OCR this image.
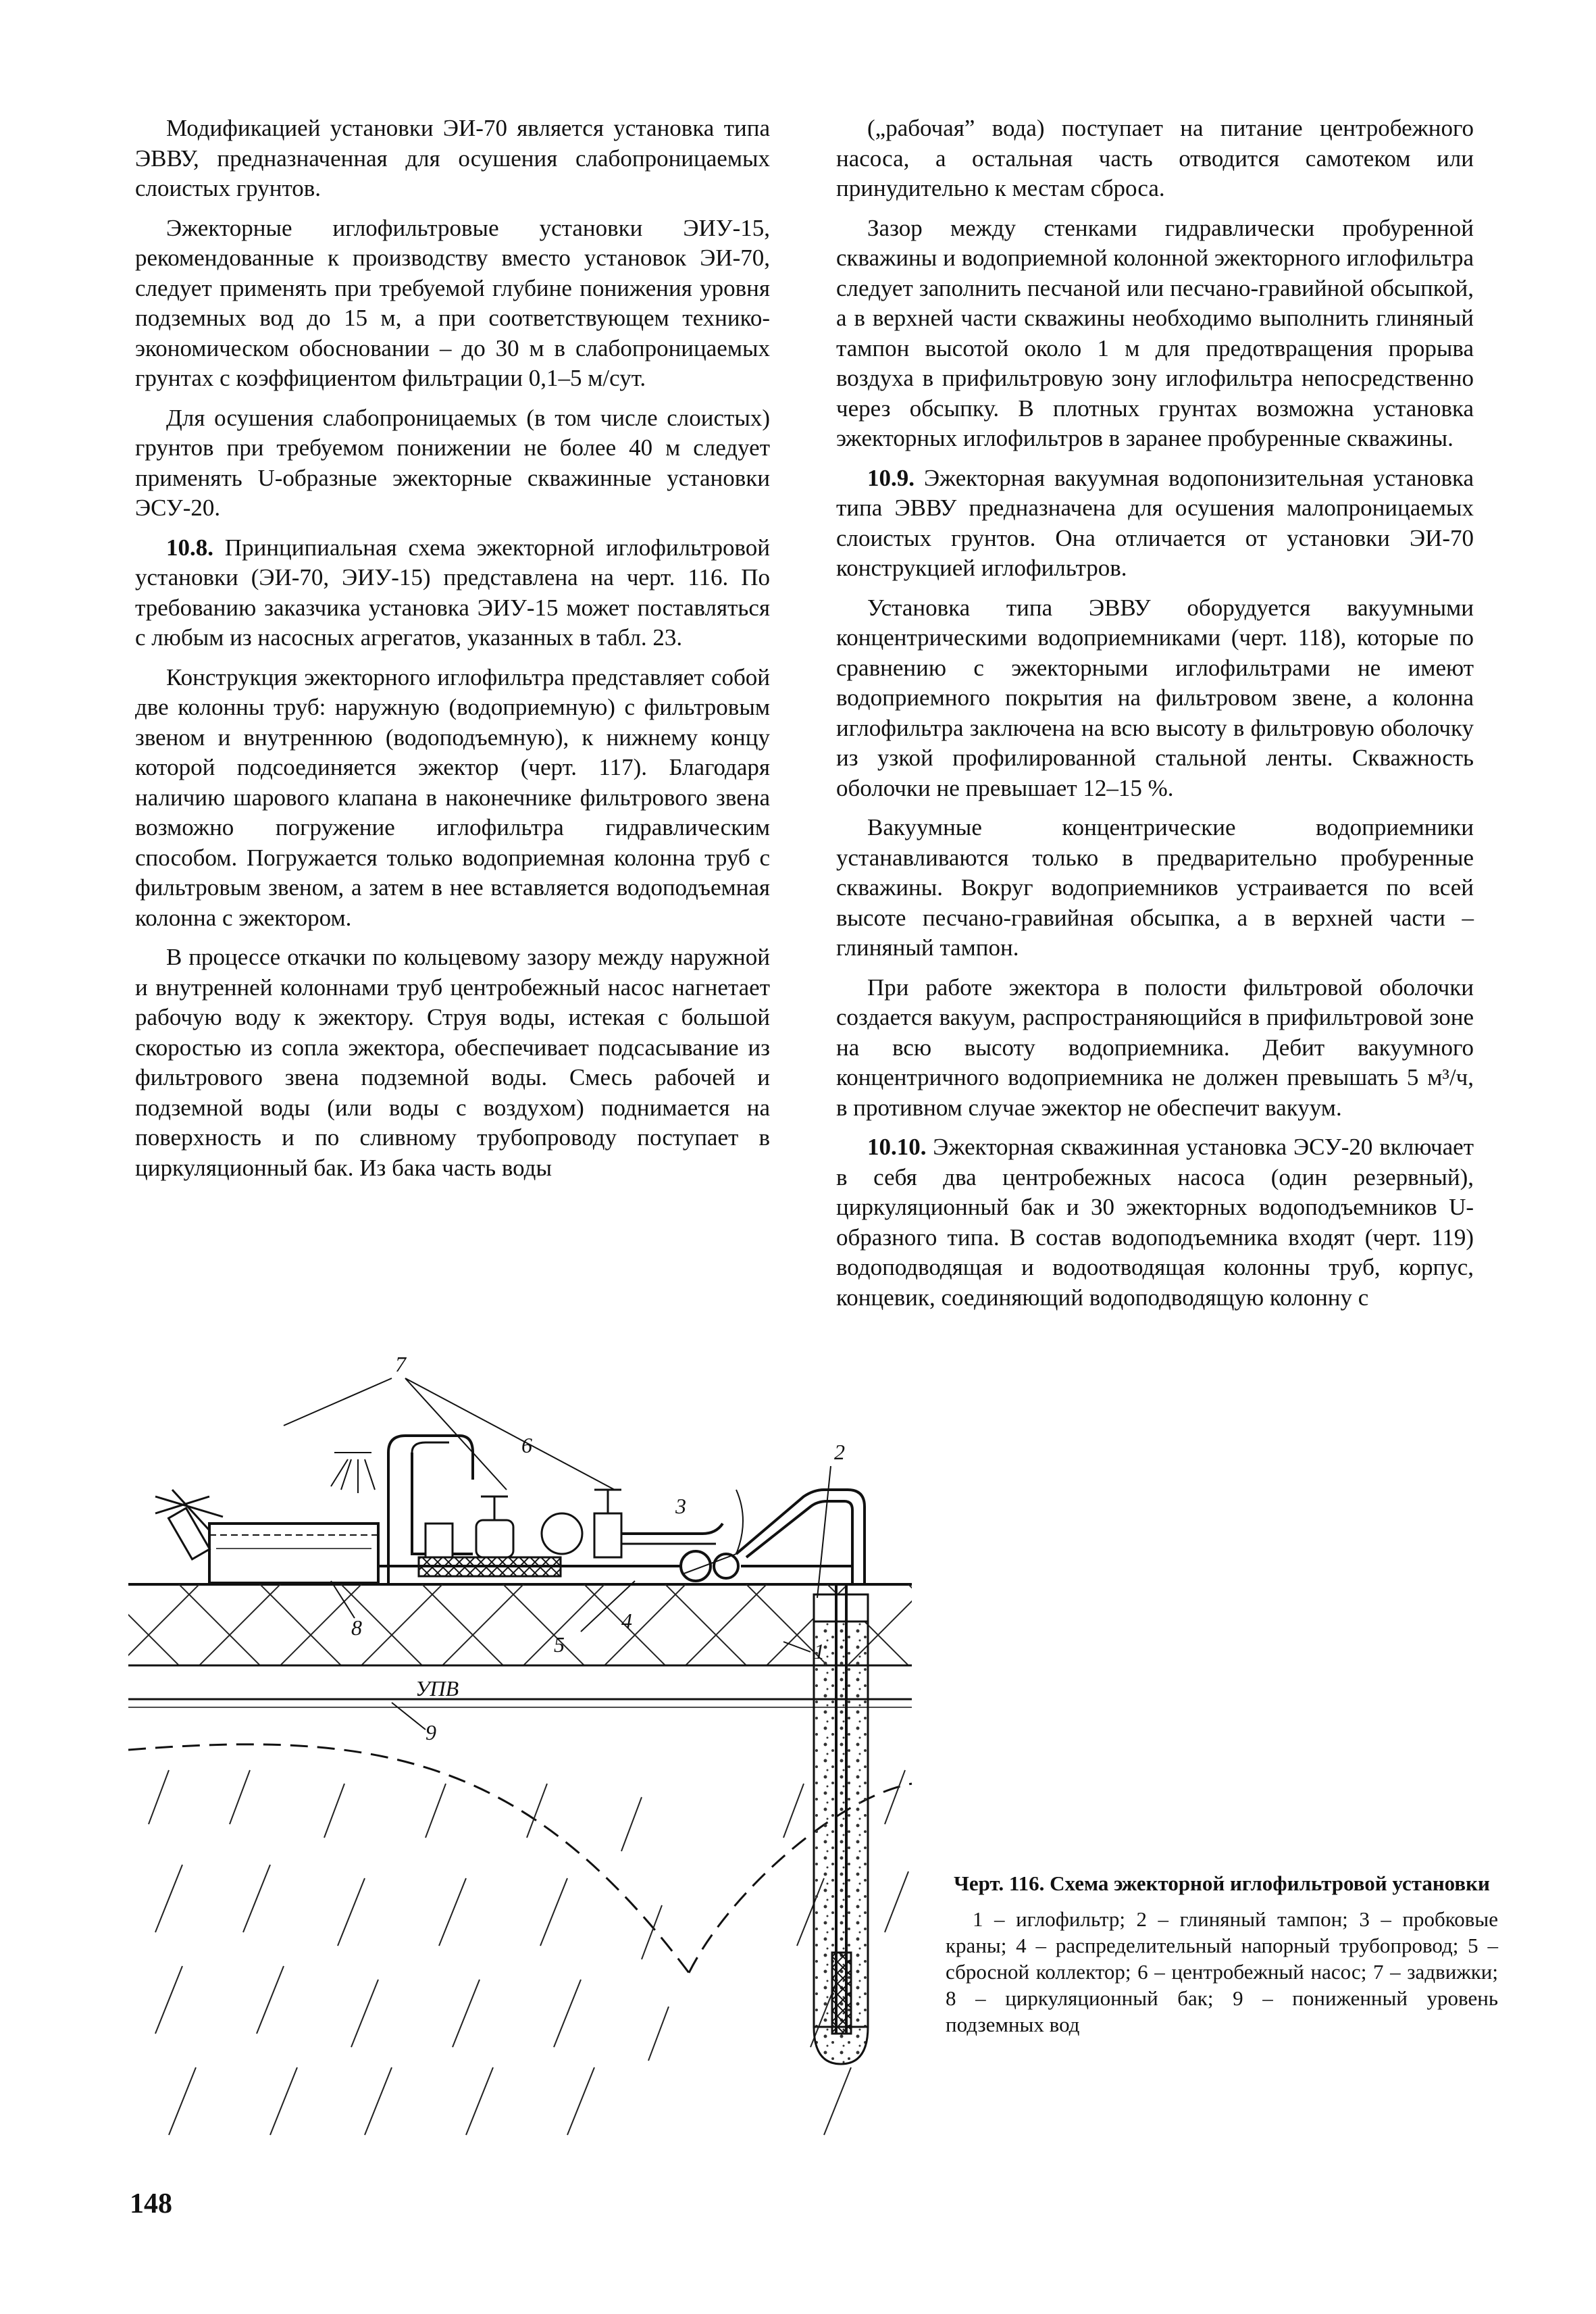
Модификацией установки ЭИ-70 является установка типа ЭВВУ, предназначенная для осушения слабопроницаемых слоистых грунтов.

Эжекторные иглофильтровые установки ЭИУ-15, рекомендованные к производству вместо установок ЭИ-70, следует применять при требуемой глубине понижения уровня подземных вод до 15 м, а при соответствующем технико-экономическом обосновании – до 30 м в слабопроницаемых грунтах с коэффициентом фильтрации 0,1–5 м/сут.

Для осушения слабопроницаемых (в том числе слоистых) грунтов при требуемом понижении не более 40 м следует применять U-образные эжекторные скважинные установки ЭСУ-20.

10.8. Принципиальная схема эжекторной иглофильтровой установки (ЭИ-70, ЭИУ-15) представлена на черт. 116. По требованию заказчика установка ЭИУ-15 может поставляться с любым из насосных агрегатов, указанных в табл. 23.

Конструкция эжекторного иглофильтра представляет собой две колонны труб: наружную (водоприемную) с фильтровым звеном и внутреннюю (водоподъемную), к нижнему концу которой подсоединяется эжектор (черт. 117). Благодаря наличию шарового клапана в наконечнике фильтрового звена возможно погружение иглофильтра гидравлическим способом. Погружается только водоприемная колонна труб с фильтровым звеном, а затем в нее вставляется водоподъемная колонна с эжектором.

В процессе откачки по кольцевому зазору между наружной и внутренней колоннами труб центробежный насос нагнетает рабочую воду к эжектору. Струя воды, истекая с большой скоростью из сопла эжектора, обеспечивает подсасывание из фильтрового звена подземной воды. Смесь рабочей и подземной воды (или воды с воздухом) поднимается на поверхность и по сливному трубопроводу поступает в циркуляционный бак. Из бака часть воды

(„рабочая” вода) поступает на питание центробежного насоса, а остальная часть отводится самотеком или принудительно к местам сброса.

Зазор между стенками гидравлически пробуренной скважины и водоприемной колонной эжекторного иглофильтра следует заполнить песчаной или песчано-гравийной обсыпкой, а в верхней части скважины необходимо выполнить глиняный тампон высотой около 1 м для предотвращения прорыва воздуха в прифильтровую зону иглофильтра непосредственно через обсыпку. В плотных грунтах возможна установка эжекторных иглофильтров в заранее пробуренные скважины.

10.9. Эжекторная вакуумная водопонизительная установка типа ЭВВУ предназначена для осушения малопроницаемых слоистых грунтов. Она отличается от установки ЭИ-70 конструкцией иглофильтров.

Установка типа ЭВВУ оборудуется вакуумными концентрическими водоприемниками (черт. 118), которые по сравнению с эжекторными иглофильтрами не имеют водоприемного покрытия на фильтровом звене, а колонна иглофильтра заключена на всю высоту в фильтровую оболочку из узкой профилированной стальной ленты. Скважность оболочки не превышает 12–15 %.

Вакуумные концентрические водоприемники устанавливаются только в предварительно пробуренные скважины. Вокруг водоприемников устраивается по всей высоте песчано-гравийная обсыпка, а в верхней части – глиняный тампон.

При работе эжектора в полости фильтровой оболочки создается вакуум, распространяющийся в прифильтровой зоне на всю высоту водоприемника. Дебит вакуумного концентричного водоприемника не должен превышать 5 м³/ч, в противном случае эжектор не обеспечит вакуум.

10.10. Эжекторная скважинная установка ЭСУ-20 включает в себя два центробежных насоса (один резервный), циркуляционный бак и 30 эжекторных водоподъемников U-образного типа. В состав водоподъемника входят (черт. 119) водоподводящая и водоотводящая колонны труб, корпус, концевик, соединяющий водоподводящую колонну с

УПВ
7
6
8
5
4
3
2
1
9
Черт. 116. Схема эжекторной иглофильтровой установки
1 – иглофильтр; 2 – глиняный тампон; 3 – пробковые краны; 4 – распределительный напорный трубопровод; 5 – сбросной коллектор; 6 – центробежный насос; 7 – задвижки; 8 – циркуляционный бак; 9 – пониженный уровень подземных вод
148
